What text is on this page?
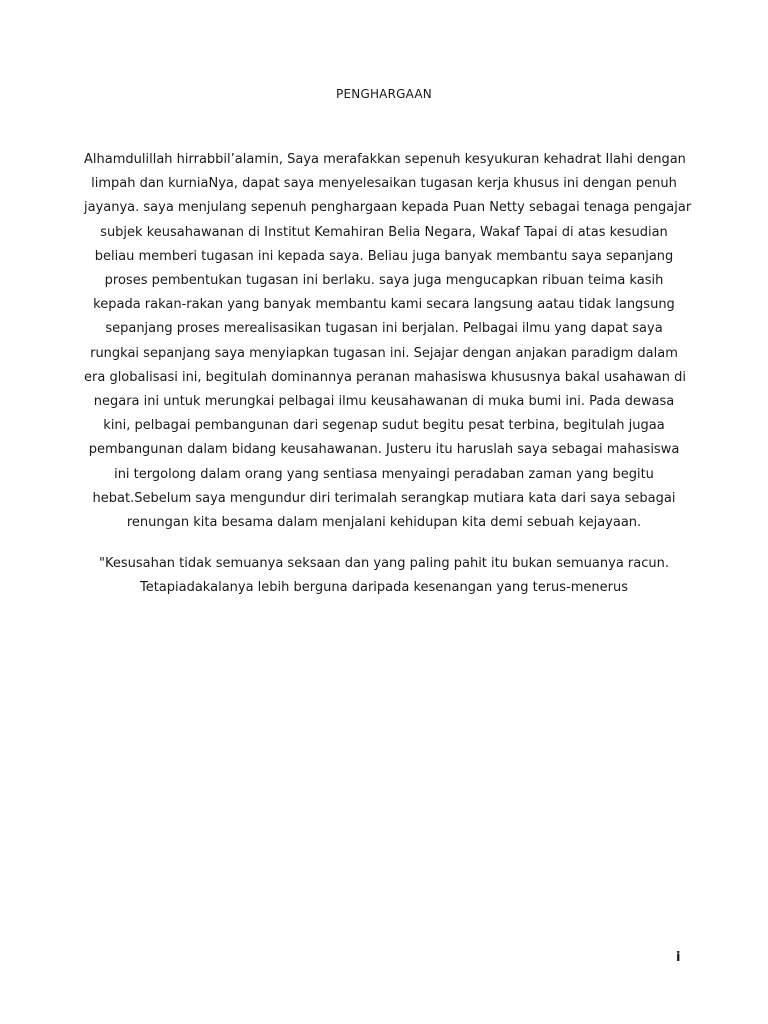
PENGHARGAAN
Alhamdulillah hirrabbil’alamin, Saya merafakkan sepenuh kesyukuran kehadrat Ilahi dengan
limpah dan kurniaNya, dapat saya menyelesaikan tugasan kerja khusus ini dengan penuh
jayanya. saya menjulang sepenuh penghargaan kepada Puan Netty sebagai tenaga pengajar
subjek keusahawanan di Institut Kemahiran Belia Negara, Wakaf Tapai di atas kesudian
beliau memberi tugasan ini kepada saya. Beliau juga banyak membantu saya sepanjang
proses pembentukan tugasan ini berlaku. saya juga mengucapkan ribuan teima kasih
kepada rakan-rakan yang banyak membantu kami secara langsung aatau tidak langsung
sepanjang proses merealisasikan tugasan ini berjalan. Pelbagai ilmu yang dapat saya
rungkai sepanjang saya menyiapkan tugasan ini. Sejajar dengan anjakan paradigm dalam
era globalisasi ini, begitulah dominannya peranan mahasiswa khususnya bakal usahawan di
negara ini untuk merungkai pelbagai ilmu keusahawanan di muka bumi ini. Pada dewasa
kini, pelbagai pembangunan dari segenap sudut begitu pesat terbina, begitulah jugaa
pembangunan dalam bidang keusahawanan. Justeru itu haruslah saya sebagai mahasiswa
ini tergolong dalam orang yang sentiasa menyaingi peradaban zaman yang begitu
hebat.Sebelum saya mengundur diri terimalah serangkap mutiara kata dari saya sebagai
renungan kita besama dalam menjalani kehidupan kita demi sebuah kejayaan.
"Kesusahan tidak semuanya seksaan dan yang paling pahit itu bukan semuanya racun.
Tetapiadakalanya lebih berguna daripada kesenangan yang terus-menerus
i
